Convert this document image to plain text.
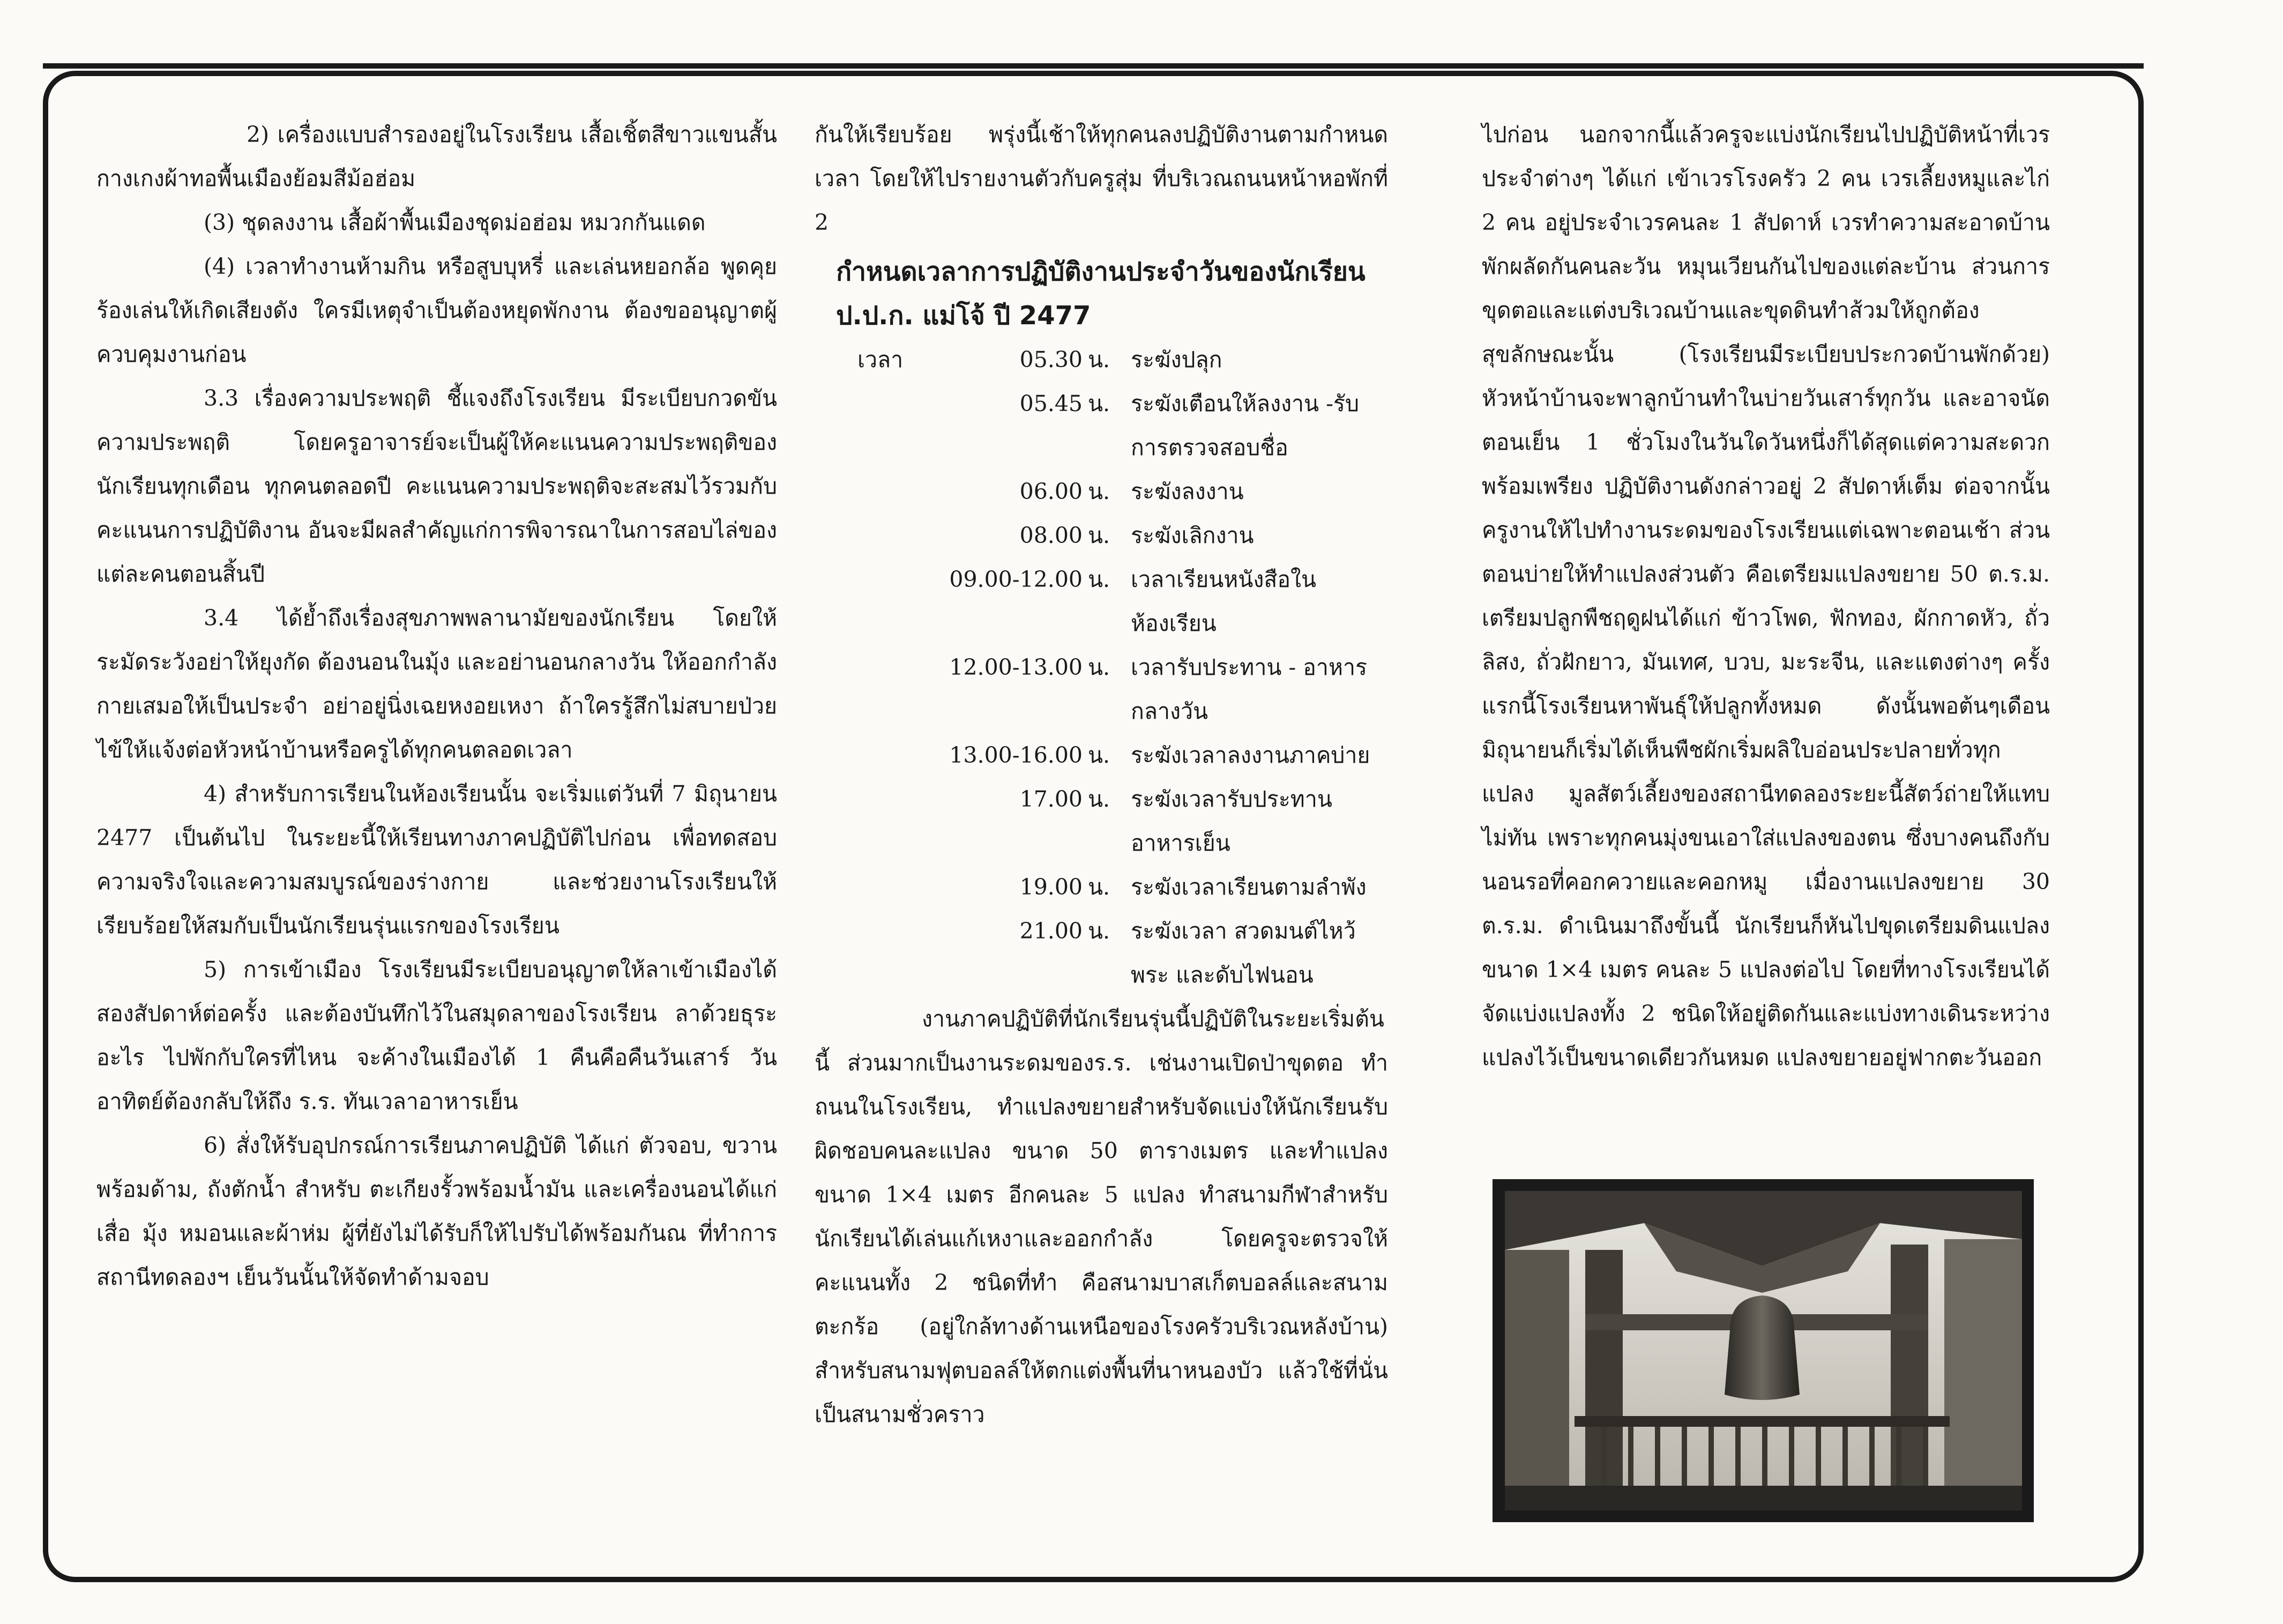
2) เครื่องแบบสำรองอยู่ในโรงเรียน เสื้อเชิ้ตสีขาวแขนสั้น กางเกงผ้าทอพื้นเมืองย้อมสีม้อฮ่อม

(3) ชุดลงงาน เสื้อผ้าพื้นเมืองชุดม่อฮ่อม หมวกกันแดด

(4) เวลาทำงานห้ามกิน หรือสูบบุหรี่ และเล่นหยอกล้อ พูดคุยร้องเล่นให้เกิดเสียงดัง ใครมีเหตุจำเป็นต้องหยุดพักงาน ต้องขออนุญาตผู้ควบคุมงานก่อน

3.3 เรื่องความประพฤติ ชี้แจงถึงโรงเรียน มีระเบียบกวดขันความประพฤติ โดยครูอาจารย์จะเป็นผู้ให้คะแนนความประพฤติของนักเรียนทุกเดือน ทุกคนตลอดปี คะแนนความประพฤติจะสะสมไว้รวมกับคะแนนการปฏิบัติงาน อันจะมีผลสำคัญแก่การพิจารณาในการสอบไล่ของแต่ละคนตอนสิ้นปี

3.4 ได้ย้ำถึงเรื่องสุขภาพพลานามัยของนักเรียน โดยให้ระมัดระวังอย่าให้ยุงกัด ต้องนอนในมุ้ง และอย่านอนกลางวัน ให้ออกกำลังกายเสมอให้เป็นประจำ อย่าอยู่นิ่งเฉยหงอยเหงา ถ้าใครรู้สึกไม่สบายป่วยไข้ให้แจ้งต่อหัวหน้าบ้านหรือครูได้ทุกคนตลอดเวลา

4) สำหรับการเรียนในห้องเรียนนั้น จะเริ่มแต่วันที่ 7 มิถุนายน 2477 เป็นต้นไป ในระยะนี้ให้เรียนทางภาคปฏิบัติไปก่อน เพื่อทดสอบความจริงใจและความสมบูรณ์ของร่างกาย และช่วยงานโรงเรียนให้เรียบร้อยให้สมกับเป็นนักเรียนรุ่นแรกของโรงเรียน

5) การเข้าเมือง โรงเรียนมีระเบียบอนุญาตให้ลาเข้าเมืองได้สองสัปดาห์ต่อครั้ง และต้องบันทึกไว้ในสมุดลาของโรงเรียน ลาด้วยธุระอะไร ไปพักกับใครที่ไหน จะค้างในเมืองได้ 1 คืนคือคืนวันเสาร์ วันอาทิตย์ต้องกลับให้ถึง ร.ร. ทันเวลาอาหารเย็น

6) สั่งให้รับอุปกรณ์การเรียนภาคปฏิบัติ ได้แก่ ตัวจอบ, ขวานพร้อมด้าม, ถังตักน้ำ สำหรับ ตะเกียงรั้วพร้อมน้ำมัน และเครื่องนอนได้แก่ เสื่อ มุ้ง หมอนและผ้าห่ม ผู้ที่ยังไม่ได้รับก็ให้ไปรับได้พร้อมกันณ ที่ทำการสถานีทดลองฯ เย็นวันนั้นให้จัดทำด้ามจอบ

กันให้เรียบร้อย พรุ่งนี้เช้าให้ทุกคนลงปฏิบัติงานตามกำหนดเวลา โดยให้ไปรายงานตัวกับครูสุ่ม ที่บริเวณถนนหน้าหอพักที่ 2

กำหนดเวลาการปฏิบัติงานประจำวันของนักเรียน ป.ป.ก. แม่โจ้ ปี 2477
เวลา	05.30 น. ระฆังปลุก
05.45 น. ระฆังเตือนให้ลงงาน -รับการตรวจสอบชื่อ
06.00 น. ระฆังลงงาน
08.00 น. ระฆังเลิกงาน
09.00-12.00 น. เวลาเรียนหนังสือในห้องเรียน
12.00-13.00 น. เวลารับประทาน - อาหารกลางวัน
13.00-16.00 น. ระฆังเวลาลงงานภาคบ่าย
17.00 น. ระฆังเวลารับประทานอาหารเย็น
19.00 น. ระฆังเวลาเรียนตามลำพัง
21.00 น. ระฆังเวลา สวดมนต์ไหว้พระ และดับไฟนอน

งานภาคปฏิบัติที่นักเรียนรุ่นนี้ปฏิบัติในระยะเริ่มต้นนี้ ส่วนมากเป็นงานระดมของร.ร. เช่นงานเปิดป่าขุดตอ ทำถนนในโรงเรียน, ทำแปลงขยายสำหรับจัดแบ่งให้นักเรียนรับผิดชอบคนละแปลง ขนาด 50 ตารางเมตร และทำแปลงขนาด 1×4 เมตร อีกคนละ 5 แปลง ทำสนามกีฬาสำหรับนักเรียนได้เล่นแก้เหงาและออกกำลัง โดยครูจะตรวจให้คะแนนทั้ง 2 ชนิดที่ทำ คือสนามบาสเก็ตบอลล์และสนามตะกร้อ (อยู่ใกล้ทางด้านเหนือของโรงครัวบริเวณหลังบ้าน) สำหรับสนามฟุตบอลล์ให้ตกแต่งพื้นที่นาหนองบัว แล้วใช้ที่นั่นเป็นสนามชั่วคราว

ไปก่อน นอกจากนี้แล้วครูจะแบ่งนักเรียนไปปฏิบัติหน้าที่เวรประจำต่างๆ ได้แก่ เข้าเวรโรงครัว 2 คน เวรเลี้ยงหมูและไก่ 2 คน อยู่ประจำเวรคนละ 1 สัปดาห์ เวรทำความสะอาดบ้านพักผลัดกันคนละวัน หมุนเวียนกันไปของแต่ละบ้าน ส่วนการขุดตอและแต่งบริเวณบ้านและขุดดินทำส้วมให้ถูกต้องสุขลักษณะนั้น (โรงเรียนมีระเบียบประกวดบ้านพักด้วย) หัวหน้าบ้านจะพาลูกบ้านทำในบ่ายวันเสาร์ทุกวัน และอาจนัดตอนเย็น 1 ชั่วโมงในวันใดวันหนึ่งก็ได้สุดแต่ความสะดวกพร้อมเพรียง ปฏิบัติงานดังกล่าวอยู่ 2 สัปดาห์เต็ม ต่อจากนั้นครูงานให้ไปทำงานระดมของโรงเรียนแต่เฉพาะตอนเช้า ส่วนตอนบ่ายให้ทำแปลงส่วนตัว คือเตรียมแปลงขยาย 50 ต.ร.ม. เตรียมปลูกพืชฤดูฝนได้แก่ ข้าวโพด, ฟักทอง, ผักกาดหัว, ถั่วลิสง, ถั่วฝักยาว, มันเทศ, บวบ, มะระจีน, และแตงต่างๆ ครั้งแรกนี้โรงเรียนหาพันธุ์ให้ปลูกทั้งหมด ดังนั้นพอต้นๆเดือนมิถุนายนก็เริ่มได้เห็นพืชผักเริ่มผลิใบอ่อนประปลายทั่วทุกแปลง มูลสัตว์เลี้ยงของสถานีทดลองระยะนี้สัตว์ถ่ายให้แทบไม่ทัน เพราะทุกคนมุ่งขนเอาใส่แปลงของตน ซึ่งบางคนถึงกับนอนรอที่คอกควายและคอกหมู เมื่องานแปลงขยาย 30 ต.ร.ม. ดำเนินมาถึงขั้นนี้ นักเรียนก็หันไปขุดเตรียมดินแปลงขนาด 1×4 เมตร คนละ 5 แปลงต่อไป โดยที่ทางโรงเรียนได้จัดแบ่งแปลงทั้ง 2 ชนิดให้อยู่ติดกันและแบ่งทางเดินระหว่างแปลงไว้เป็นขนาดเดียวกันหมด แปลงขยายอยู่ฟากตะวันออก
